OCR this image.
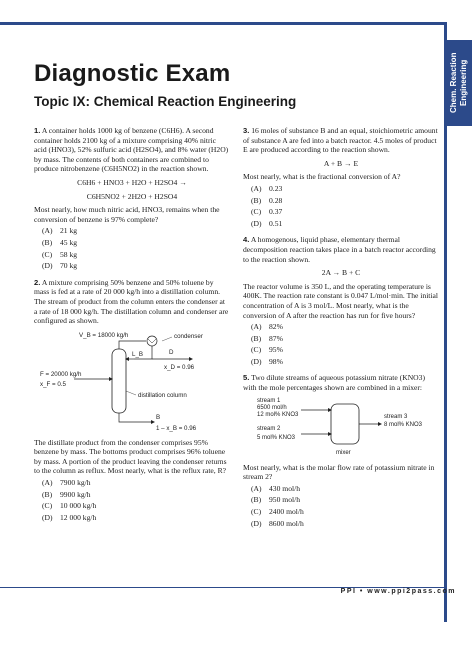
Chem. Reaction Engineering
Diagnostic Exam
Topic IX: Chemical Reaction Engineering
1. A container holds 1000 kg of benzene (C6H6). A second container holds 2100 kg of a mixture comprising 40% nitric acid (HNO3), 52% sulfuric acid (H2SO4), and 8% water (H2O) by mass. The contents of both containers are combined to produce nitrobenzene (C6H5NO2) in the reaction shown.
C6H6 + HNO3 + H2O + H2SO4 →
C6H5NO2 + 2H2O + H2SO4
Most nearly, how much nitric acid, HNO3, remains when the conversion of benzene is 97% complete?
(A) 21 kg
(B) 45 kg
(C) 58 kg
(D) 70 kg
2. A mixture comprising 50% benzene and 50% toluene by mass is fed at a rate of 20 000 kg/h into a distillation column. The stream of product from the column enters the condenser at a rate of 18 000 kg/h. The distillation column and condenser are configured as shown.
V_B = 18000 kg/h	condenser
L_B	D
x_D = 0.96
F = 20000 kg/h
x_F = 0.5
distillation column
B
1 – x_B = 0.96
The distillate product from the condenser comprises 95% benzene by mass. The bottoms product comprises 96% toluene by mass. A portion of the product leaving the condenser returns to the column as reflux. Most nearly, what is the reflux rate, R?
(A) 7900 kg/h
(B) 9900 kg/h
(C) 10 000 kg/h
(D) 12 000 kg/h
3. 16 moles of substance B and an equal, stoichiometric amount of substance A are fed into a batch reactor. 4.5 moles of product E are produced according to the reaction shown.
A + B → E
Most nearly, what is the fractional conversion of A?
(A) 0.23
(B) 0.28
(C) 0.37
(D) 0.51
4. A homogenous, liquid phase, elementary thermal decomposition reaction takes place in a batch reactor according to the reaction shown.
2A → B + C
The reactor volume is 350 L, and the operating temperature is 400K. The reaction rate constant is 0.047 L/mol·min. The initial concentration of A is 3 mol/L. Most nearly, what is the conversion of A after the reaction has run for five hours?
(A) 82%
(B) 87%
(C) 95%
(D) 98%
5. Two dilute streams of aqueous potassium nitrate (KNO3) with the mole percentages shown are combined in a mixer:
stream 1
6500 mol/h
12 mol% KNO3
stream 2
5 mol% KNO3
stream 3
8 mol% KNO3
mixer
Most nearly, what is the molar flow rate of potassium nitrate in stream 2?
(A) 430 mol/h
(B) 950 mol/h
(C) 2400 mol/h
(D) 8600 mol/h
PPI • www.ppi2pass.com
